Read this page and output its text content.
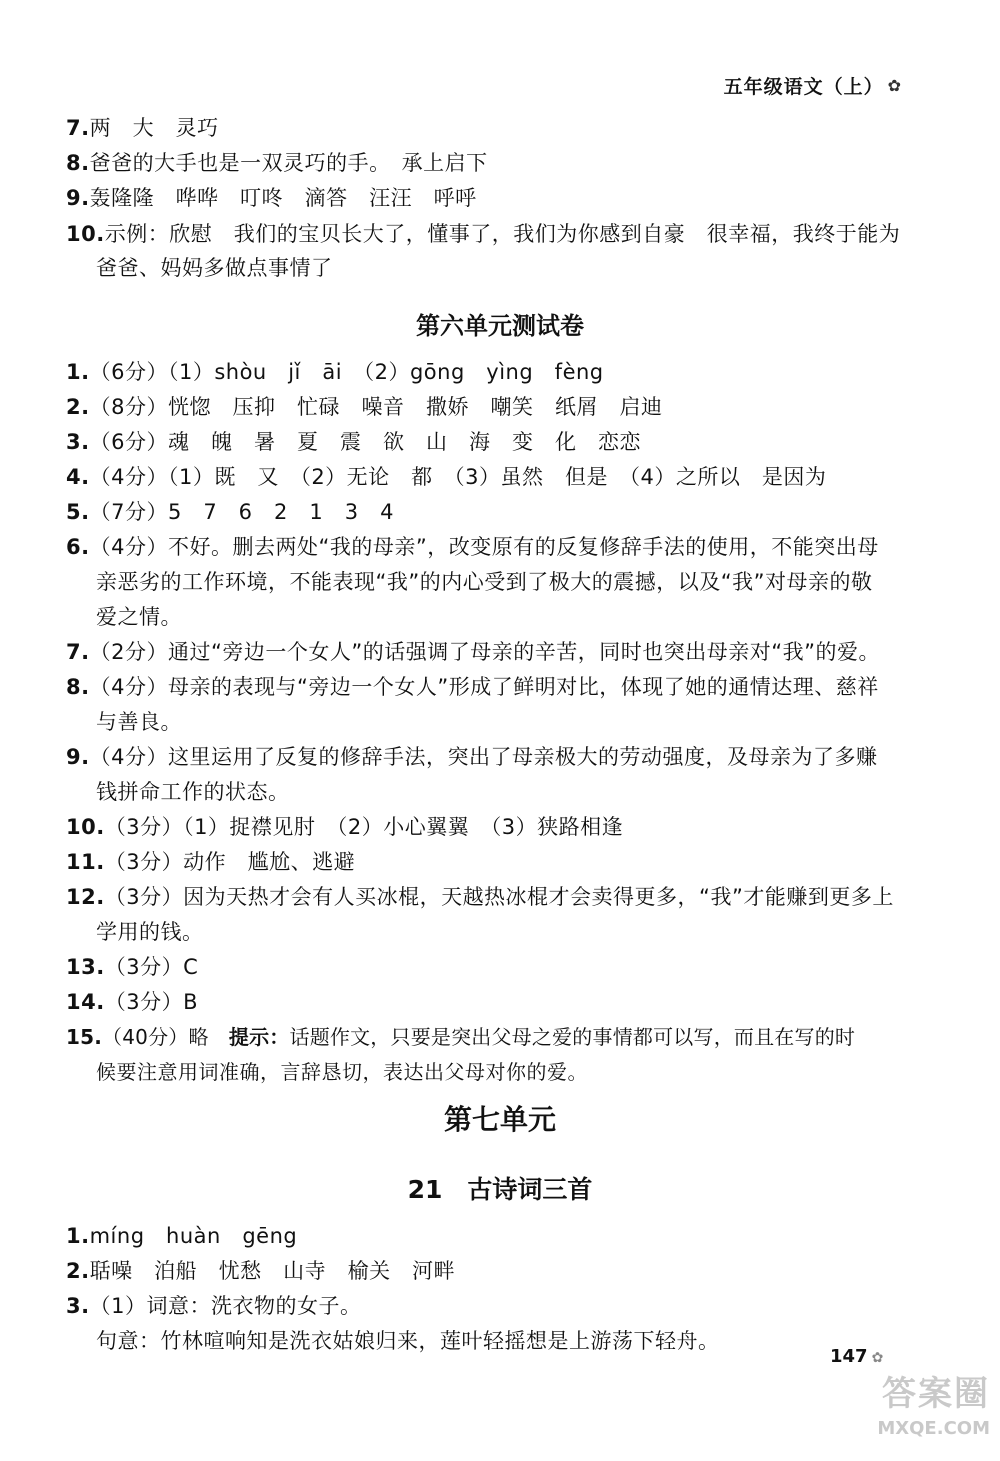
五年级语文（上） ✿
7.两　大　灵巧
8.爸爸的大手也是一双灵巧的手。　承上启下
9.轰隆隆　哗哗　叮咚　滴答　汪汪　呼呼
10.示例：欣慰　我们的宝贝长大了，懂事了，我们为你感到自豪　很幸福，我终于能为
爸爸、妈妈多做点事情了
第六单元测试卷
1.（6分）（1）shòu　jǐ　āi　（2）gōng　yìng　fèng
2.（8分）恍惚　压抑　忙碌　噪音　撒娇　嘲笑　纸屑　启迪
3.（6分）魂　魄　暑　夏　震　欲　山　海　变　化　恋恋
4.（4分）（1）既　又　（2）无论　都　（3）虽然　但是　（4）之所以　是因为
5.（7分）5　7　6　2　1　3　4
6.（4分）不好。删去两处“我的母亲”，改变原有的反复修辞手法的使用，不能突出母
亲恶劣的工作环境，不能表现“我”的内心受到了极大的震撼，以及“我”对母亲的敬
爱之情。
7.（2分）通过“旁边一个女人”的话强调了母亲的辛苦，同时也突出母亲对“我”的爱。
8.（4分）母亲的表现与“旁边一个女人”形成了鲜明对比，体现了她的通情达理、慈祥
与善良。
9.（4分）这里运用了反复的修辞手法，突出了母亲极大的劳动强度，及母亲为了多赚
钱拼命工作的状态。
10.（3分）（1）捉襟见肘　（2）小心翼翼　（3）狭路相逢
11.（3分）动作　尴尬、逃避
12.（3分）因为天热才会有人买冰棍，天越热冰棍才会卖得更多，“我”才能赚到更多上
学用的钱。
13.（3分）C
14.（3分）B
15.（40分）略　提示：话题作文，只要是突出父母之爱的事情都可以写，而且在写的时
候要注意用词准确，言辞恳切，表达出父母对你的爱。
第七单元
21　古诗词三首
1.míng　huàn　gēng
2.聒噪　泊船　忧愁　山寺　榆关　河畔
3.（1）词意：洗衣物的女子。
句意：竹林喧响知是洗衣姑娘归来，莲叶轻摇想是上游荡下轻舟。
147 ✿
答案圈
MXQE.COM
